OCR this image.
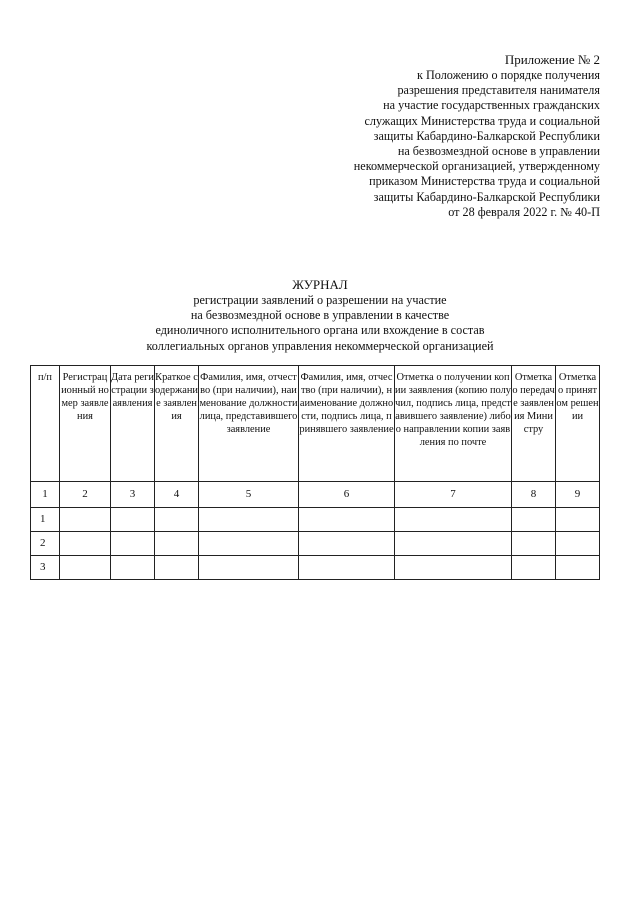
Приложение № 2
к Положению о порядке получения
разрешения представителя нанимателя
на участие государственных гражданских
служащих Министерства труда и социальной
защиты Кабардино-Балкарской Республики
на безвозмездной основе в управлении
некоммерческой организацией, утвержденному
приказом Министерства труда и социальной
защиты Кабардино-Балкарской Республики
от 28 февраля 2022 г. № 40-П
ЖУРНАЛ
регистрации заявлений о разрешении на участие
на безвозмездной основе в управлении в качестве
единоличного исполнительного органа или вхождение в состав
коллегиальных органов управления некоммерческой организацией
п/п	Регистрационный номер заявления	Дата регистрации заявления	Краткое содержание заявления	Фамилия, имя, отчество (при наличии), наименование должности лица, представившего заявление	Фамилия, имя, отчество (при наличии), наименование должности, подпись лица, принявшего заявление	Отметка о получении копии заявления (копию получил, подпись лица, представившего заявление) либо о направлении копии заявления по почте	Отметка о передаче заявления Министру	Отметка о принятом решении
1	2	3	4	5	6	7	8	9
1								
2								
3								
